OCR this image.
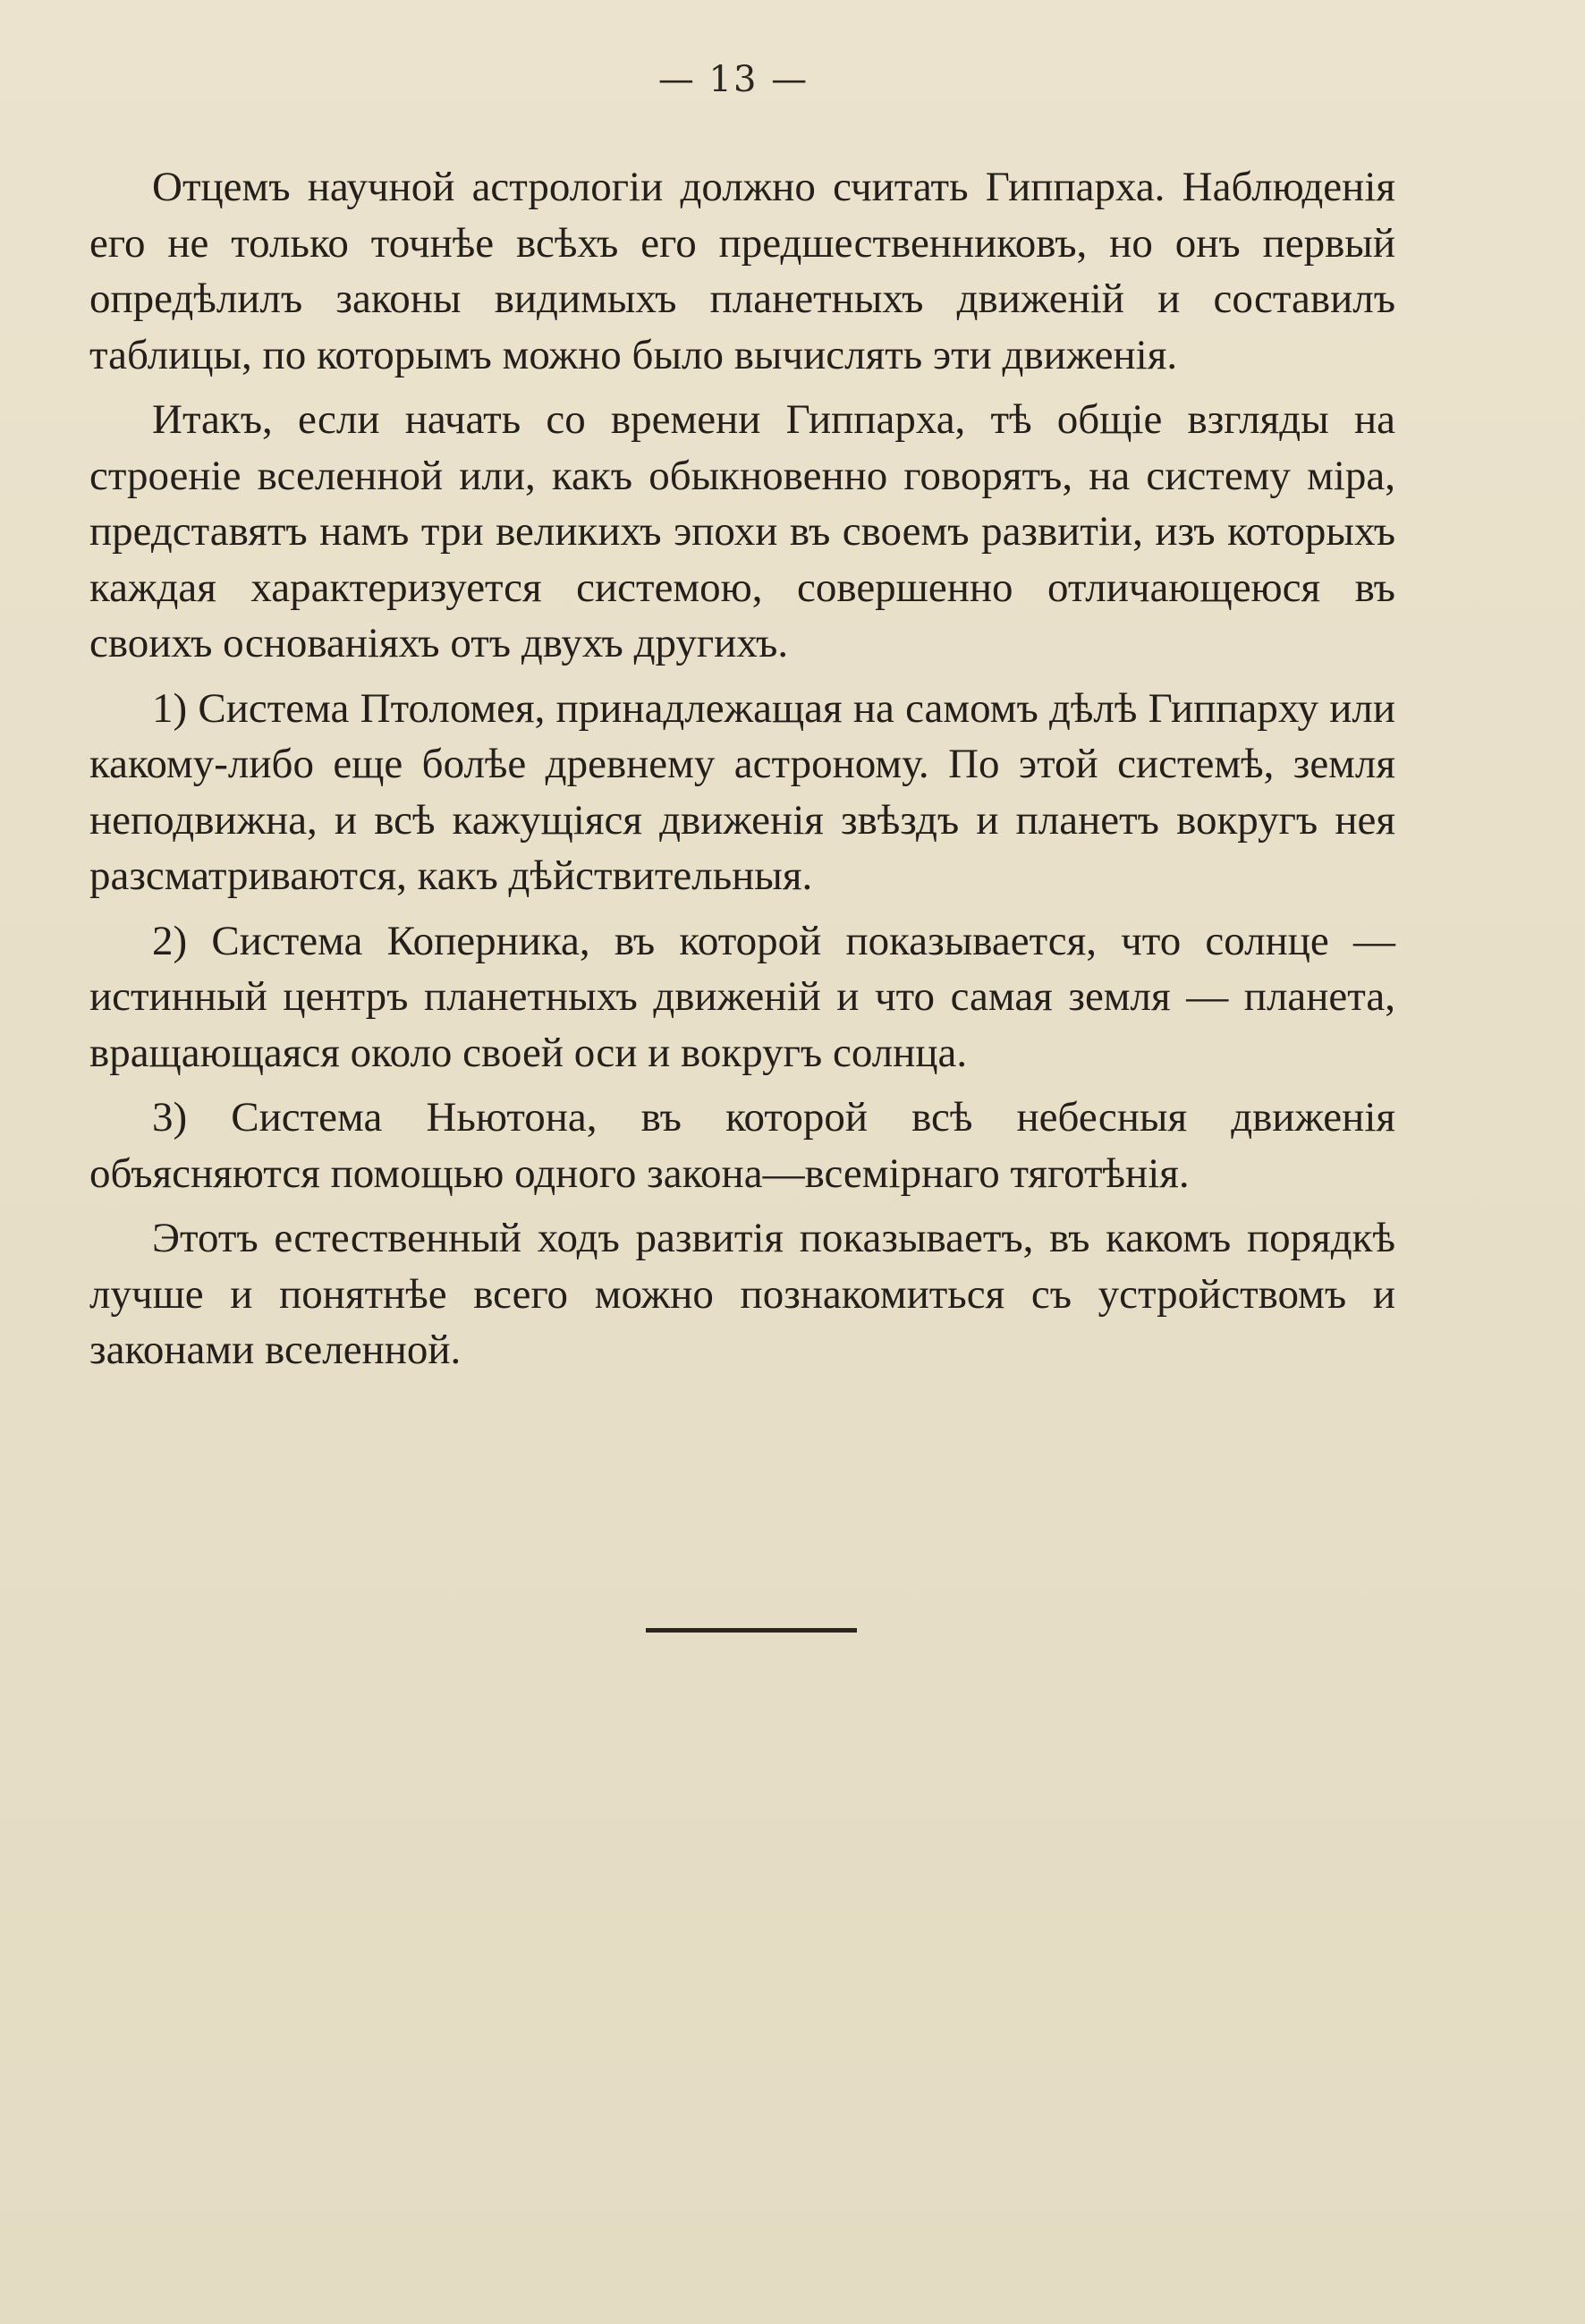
— 13 —

Отцемъ научной астрологіи должно считать Гиппарха. Наблюденія его не только точнѣе всѣхъ его предшественниковъ, но онъ первый опредѣлилъ законы видимыхъ планетныхъ движеній и составилъ таблицы, по которымъ можно было вычислять эти движенія.

Итакъ, если начать со времени Гиппарха, тѣ общіе взгляды на строеніе вселенной или, какъ обыкновенно говорятъ, на систему міра, представятъ намъ три великихъ эпохи въ своемъ развитіи, изъ которыхъ каждая характеризуется системою, совершенно отличающеюся въ своихъ основаніяхъ отъ двухъ другихъ.

1) Система Птоломея, принадлежащая на самомъ дѣлѣ Гиппарху или какому-либо еще болѣе древнему астроному. По этой системѣ, земля неподвижна, и всѣ кажущіяся движенія звѣздъ и планетъ вокругъ нея разсматриваются, какъ дѣйствительныя.

2) Система Коперника, въ которой показывается, что солнце — истинный центръ планетныхъ движеній и что самая земля — планета, вращающаяся около своей оси и вокругъ солнца.

3) Система Ньютона, въ которой всѣ небесныя движенія объясняются помощью одного закона—всемірнаго тяготѣнія.

Этотъ естественный ходъ развитія показываетъ, въ какомъ порядкѣ лучше и понятнѣе всего можно познакомиться съ устройствомъ и законами вселенной.
